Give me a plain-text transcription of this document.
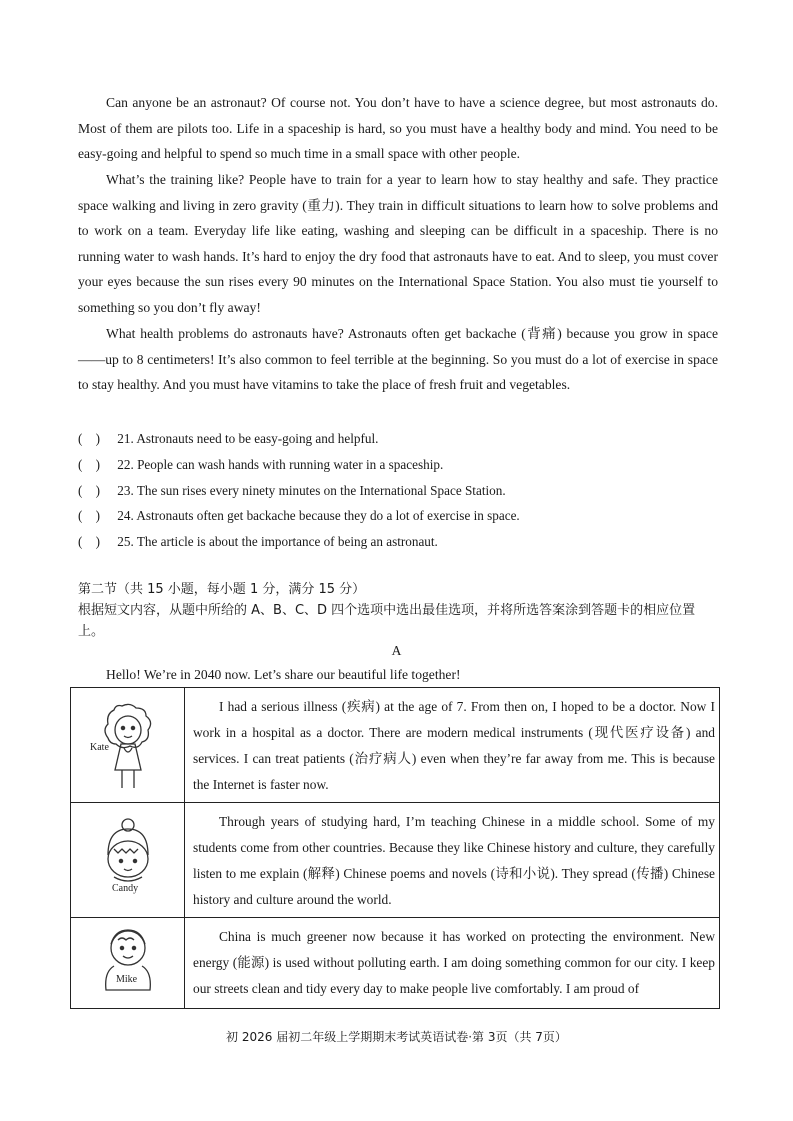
Can anyone be an astronaut? Of course not. You don’t have to have a science degree, but most astronauts do. Most of them are pilots too. Life in a spaceship is hard, so you must have a healthy body and mind. You need to be easy-going and helpful to spend so much time in a small space with other people.

What’s the training like? People have to train for a year to learn how to stay healthy and safe. They practice space walking and living in zero gravity (重力). They train in difficult situations to learn how to solve problems and to work on a team. Everyday life like eating, washing and sleeping can be difficult in a spaceship. There is no running water to wash hands. It’s hard to enjoy the dry food that astronauts have to eat. And to sleep, you must cover your eyes because the sun rises every 90 minutes on the International Space Station. You also must tie yourself to something so you don’t fly away!

What health problems do astronauts have? Astronauts often get backache (背痛) because you grow in space ——up to 8 centimeters! It’s also common to feel terrible at the beginning. So you must do a lot of exercise in space to stay healthy. And you must have vitamins to take the place of fresh fruit and vegetables.

( ) 21. Astronauts need to be easy-going and helpful.
( ) 22. People can wash hands with running water in a spaceship.
( ) 23. The sun rises every ninety minutes on the International Space Station.
( ) 24. Astronauts often get backache because they do a lot of exercise in space.
( ) 25. The article is about the importance of being an astronaut.
第二节（共 15 小题，每小题 1 分，满分 15 分）
根据短文内容，从题中所给的 A、B、C、D 四个选项中选出最佳选项，并将所选答案涂到答题卡的相应位置上。
A
Hello! We’re in 2040 now. Let’s share our beautiful life together!
Kate	I had a serious illness (疾病) at the age of 7. From then on, I hoped to be a doctor. Now I work in a hospital as a doctor. There are modern medical instruments (现代医疗设备) and services. I can treat patients (治疗病人) even when they’re far away from me. This is because the Internet is faster now.

Candy	Through years of studying hard, I’m teaching Chinese in a middle school. Some of my students come from other countries. Because they like Chinese history and culture, they carefully listen to me explain (解释) Chinese poems and novels (诗和小说). They spread (传播) Chinese history and culture around the world.

Mike	China is much greener now because it has worked on protecting the environment. New energy (能源) is used without polluting earth. I am doing something common for our city. I keep our streets clean and tidy every day to make people live comfortably. I am proud of
初 2026 届初二年级上学期期末考试英语试卷·第 3页（共 7页）
